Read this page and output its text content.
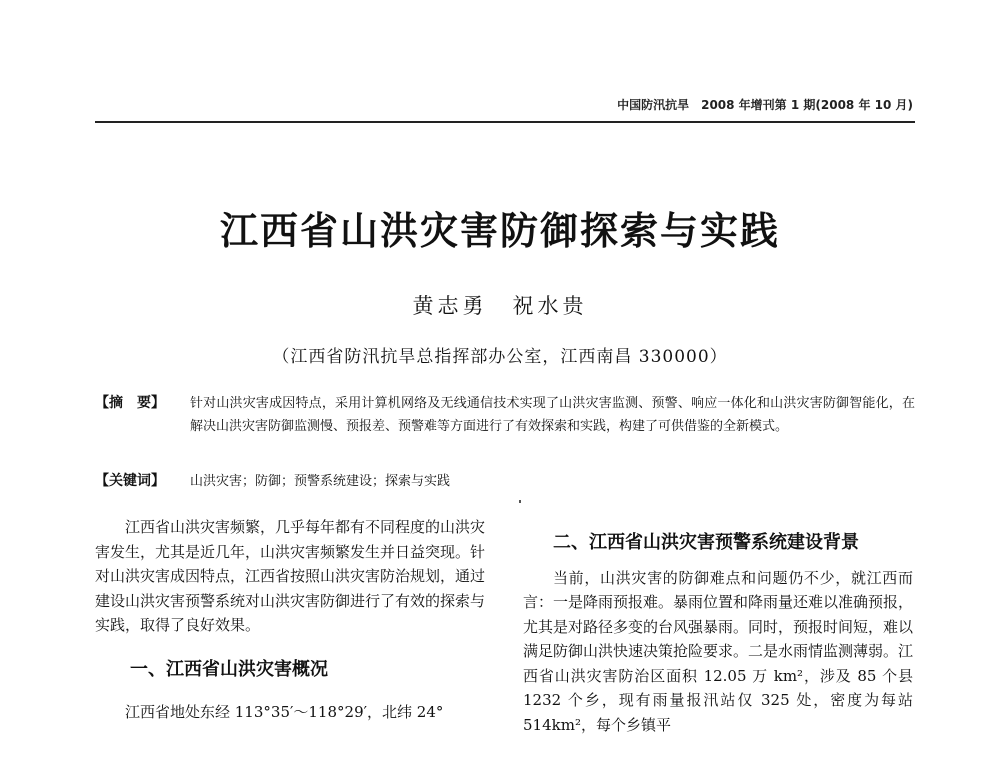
中国防汛抗旱　2008 年增刊第 1 期(2008 年 10 月)
江西省山洪灾害防御探索与实践
黄志勇　祝水贵
（江西省防汛抗旱总指挥部办公室，江西南昌 330000）
【摘　要】 针对山洪灾害成因特点，采用计算机网络及无线通信技术实现了山洪灾害监测、预警、响应一体化和山洪灾害防御智能化，在解决山洪灾害防御监测慢、预报差、预警难等方面进行了有效探索和实践，构建了可供借鉴的全新模式。
【关键词】 山洪灾害；防御；预警系统建设；探索与实践

江西省山洪灾害频繁，几乎每年都有不同程度的山洪灾害发生，尤其是近几年，山洪灾害频繁发生并日益突现。针对山洪灾害成因特点，江西省按照山洪灾害防治规划，通过建设山洪灾害预警系统对山洪灾害防御进行了有效的探索与实践，取得了良好效果。

一、江西省山洪灾害概况

江西省地处东经 113°35′～118°29′，北纬 24°

二、江西省山洪灾害预警系统建设背景

当前，山洪灾害的防御难点和问题仍不少，就江西而言：一是降雨预报难。暴雨位置和降雨量还难以准确预报，尤其是对路径多变的台风强暴雨。同时，预报时间短，难以满足防御山洪快速决策抢险要求。二是水雨情监测薄弱。江西省山洪灾害防治区面积 12.05 万 km²，涉及 85 个县 1232 个乡，现有雨量报汛站仅 325 处，密度为每站 514km²，每个乡镇平
